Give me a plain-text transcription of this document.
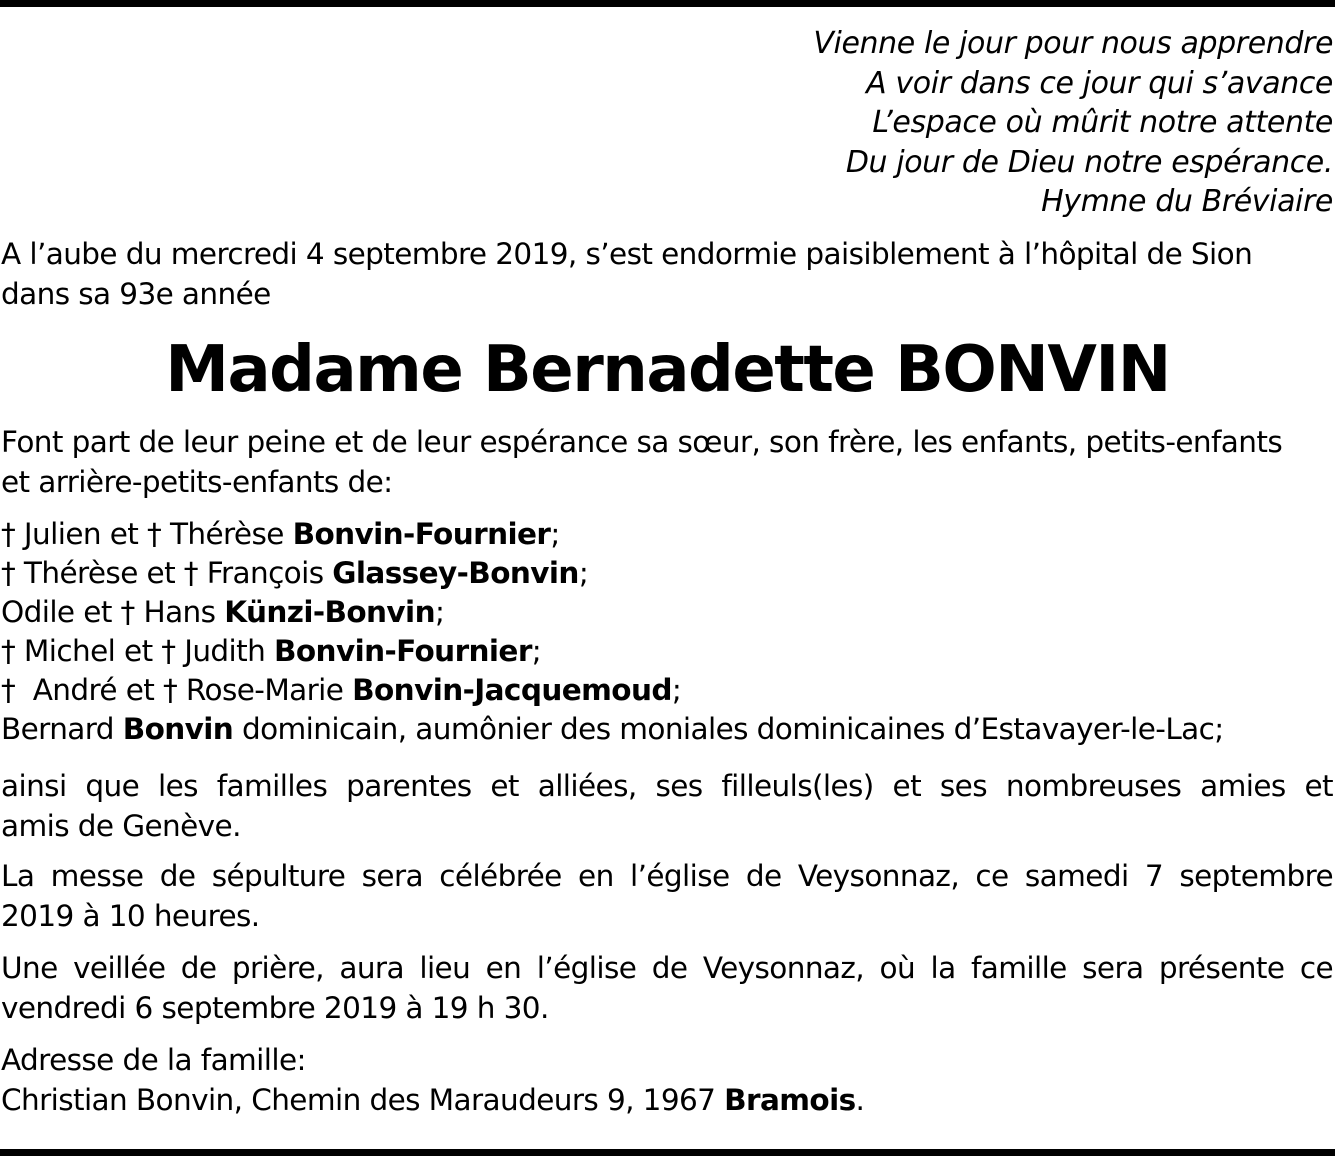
Vienne le jour pour nous apprendre
A voir dans ce jour qui s’avance
L’espace où mûrit notre attente
Du jour de Dieu notre espérance.
Hymne du Bréviaire
A l’aube du mercredi 4 septembre 2019, s’est endormie paisiblement à l’hôpital de Sion
dans sa 93e année
Madame Bernadette BONVIN
Font part de leur peine et de leur espérance sa sœur, son frère, les enfants, petits-enfants
et arrière-petits-enfants de:
† Julien et † Thérèse Bonvin-Fournier;
† Thérèse et † François Glassey-Bonvin;
Odile et † Hans Künzi-Bonvin;
† Michel et † Judith Bonvin-Fournier;
†  André et † Rose-Marie Bonvin-Jacquemoud;
Bernard Bonvin dominicain, aumônier des moniales dominicaines d’Estavayer-le-Lac;
ainsi que les familles parentes et alliées, ses filleuls(les) et ses nombreuses amies et
amis de Genève.
La messe de sépulture sera célébrée en l’église de Veysonnaz, ce samedi 7 septembre
2019 à 10 heures.
Une veillée de prière, aura lieu en l’église de Veysonnaz, où la famille sera présente ce
vendredi 6 septembre 2019 à 19 h 30.
Adresse de la famille:
Christian Bonvin, Chemin des Maraudeurs 9, 1967 Bramois.
